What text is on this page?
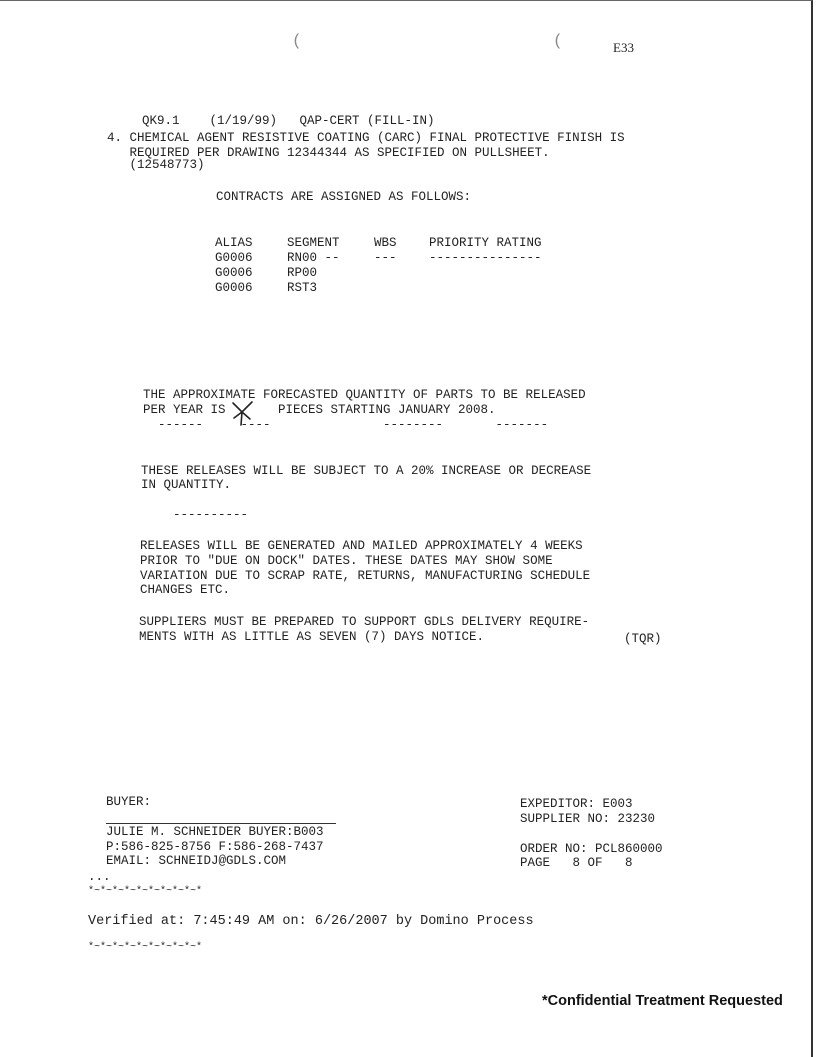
(	(	E33
QK9.1    (1/19/99)   QAP-CERT (FILL-IN)
4. CHEMICAL AGENT RESISTIVE COATING (CARC) FINAL PROTECTIVE FINISH IS
REQUIRED PER DRAWING 12344344 AS SPECIFIED ON PULLSHEET.
(12548773)
CONTRACTS ARE ASSIGNED AS FOLLOWS:
ALIAS	SEGMENT	WBS	PRIORITY RATING
G0006	RN00 --	---	---------------
G0006	RP00
G0006	RST3
THE APPROXIMATE FORECASTED QUANTITY OF PARTS TO BE RELEASED
PER YEAR IS       PIECES STARTING JANUARY 2008.
------     ----               --------       -------
THESE RELEASES WILL BE SUBJECT TO A 20% INCREASE OR DECREASE
IN QUANTITY.
----------
RELEASES WILL BE GENERATED AND MAILED APPROXIMATELY 4 WEEKS
PRIOR TO "DUE ON DOCK" DATES. THESE DATES MAY SHOW SOME
VARIATION DUE TO SCRAP RATE, RETURNS, MANUFACTURING SCHEDULE
CHANGES ETC.
SUPPLIERS MUST BE PREPARED TO SUPPORT GDLS DELIVERY REQUIRE-
MENTS WITH AS LITTLE AS SEVEN (7) DAYS NOTICE.	(TQR)
BUYER:
JULIE M. SCHNEIDER BUYER:B003
P:586-825-8756 F:586-268-7437
EMAIL: SCHNEIDJ@GDLS.COM
EXPEDITOR: E003
SUPPLIER NO: 23230
ORDER NO: PCL860000
PAGE   8 OF   8
...
*~*~*~*~*~*~*~*~*~*
Verified at: 7:45:49 AM on: 6/26/2007 by Domino Process
*~*~*~*~*~*~*~*~*~*
*Confidential Treatment Requested
